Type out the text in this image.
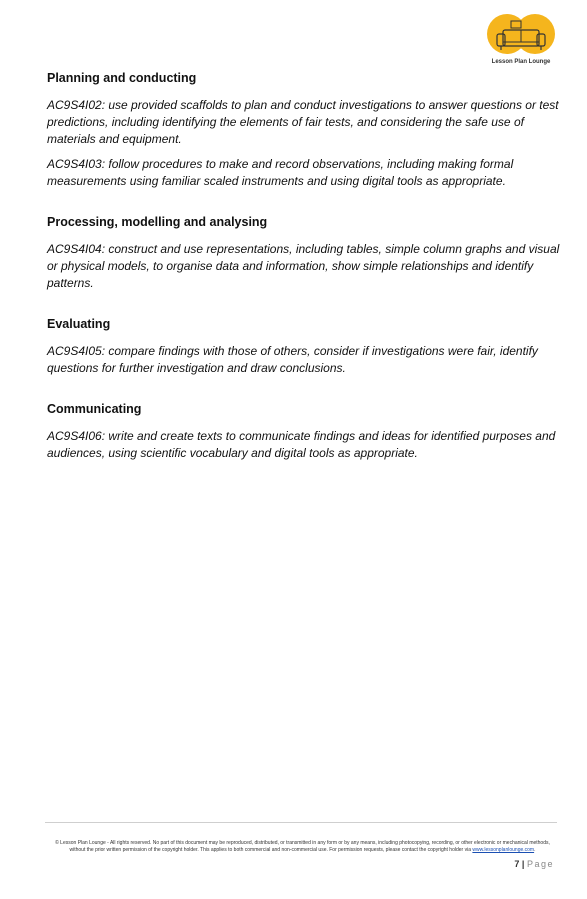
Lesson Plan Lounge
Planning and conducting

AC9S4I02: use provided scaffolds to plan and conduct investigations to answer questions or test predictions, including identifying the elements of fair tests, and considering the safe use of materials and equipment.

AC9S4I03: follow procedures to make and record observations, including making formal measurements using familiar scaled instruments and using digital tools as appropriate.

Processing, modelling and analysing

AC9S4I04: construct and use representations, including tables, simple column graphs and visual or physical models, to organise data and information, show simple relationships and identify patterns.

Evaluating

AC9S4I05: compare findings with those of others, consider if investigations were fair, identify questions for further investigation and draw conclusions.

Communicating

AC9S4I06: write and create texts to communicate findings and ideas for identified purposes and audiences, using scientific vocabulary and digital tools as appropriate.

© Lesson Plan Lounge - All rights reserved. No part of this document may be reproduced, distributed, or transmitted in any form or by any means, including photocopying, recording, or other electronic or mechanical methods, without the prior written permission of the copyright holder. This applies to both commercial and non-commercial use. For permission requests, please contact the copyright holder via www.lessonplanlounge.com.
7 | Page
